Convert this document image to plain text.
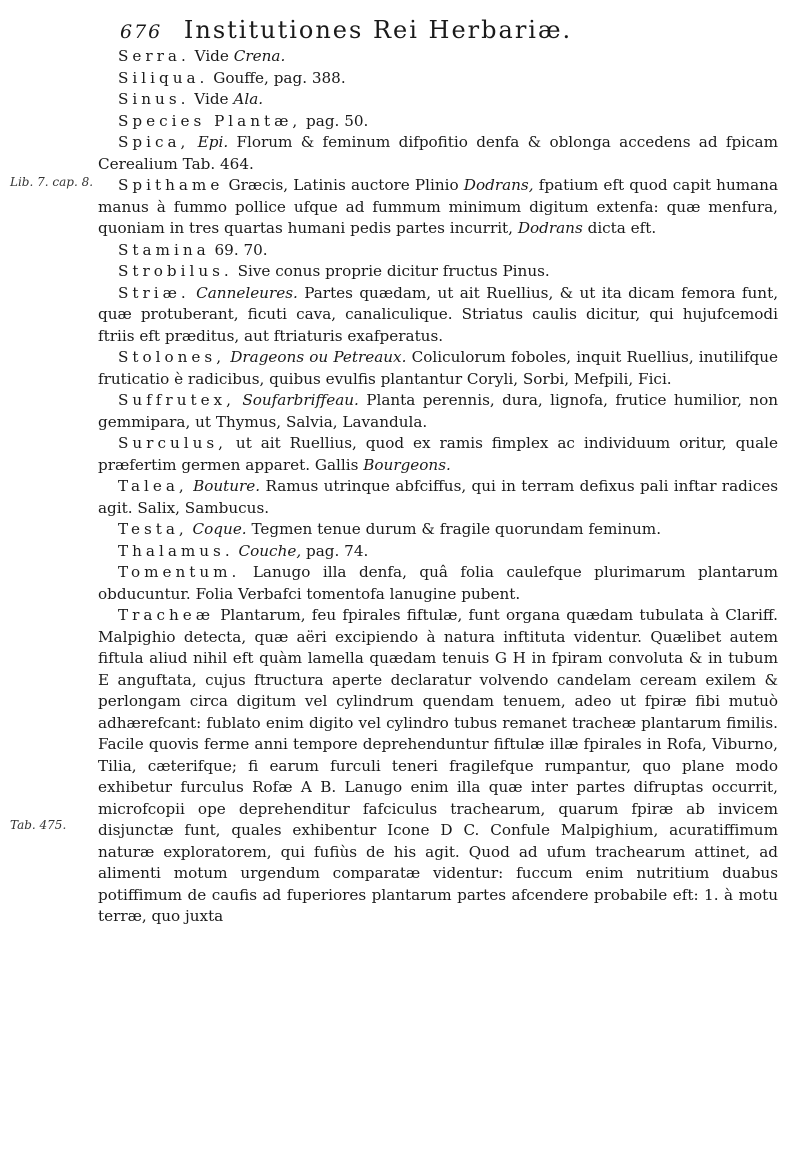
676 Institutiones Rei Herbariæ.
Lib. 7. cap. 8.
Tab. 475.

Serra. Vide Crena.

Siliqua. Gouffe, pag. 388.

Sinus. Vide Ala.

Species Plantæ, pag. 50.

Spica, Epi. Florum & feminum difpofitio denfa & oblonga accedens ad fpicam Cerealium Tab. 464.

Spithame Græcis, Latinis auctore Plinio Dodrans, fpatium eft quod capit humana manus à fummo pollice ufque ad fummum minimum digitum extenfa: quæ menfura, quoniam in tres quartas humani pedis partes incurrit, Dodrans dicta eft.

Stamina 69. 70.

Strobilus. Sive conus proprie dicitur fructus Pinus.

Striæ. Canneleures. Partes quædam, ut ait Ruellius, & ut ita dicam femora funt, quæ protuberant, ficuti cava, canaliculique. Striatus caulis dicitur, qui hujufcemodi ftriis eft præditus, aut ftriaturis exafperatus.

Stolones, Drageons ou Petreaux. Coliculorum foboles, inquit Ruellius, inutilifque fruticatio è radicibus, quibus evulfis plantantur Coryli, Sorbi, Mefpili, Fici.

Suffrutex, Soufarbriffeau. Planta perennis, dura, lignofa, frutice humilior, non gemmipara, ut Thymus, Salvia, Lavandula.

Surculus, ut ait Ruellius, quod ex ramis fimplex ac individuum oritur, quale præfertim germen apparet. Gallis Bourgeons.

Talea, Bouture. Ramus utrinque abfciffus, qui in terram defixus pali inftar radices agit. Salix, Sambucus.

Testa, Coque. Tegmen tenue durum & fragile quorundam feminum.

Thalamus. Couche, pag. 74.

Tomentum. Lanugo illa denfa, quâ folia caulefque plurimarum plantarum obducuntur. Folia Verbafci tomentofa lanugine pubent.

Tracheæ Plantarum, feu fpirales fiftulæ, funt organa quædam tubulata à Clariff. Malpighio detecta, quæ aëri excipiendo à natura inftituta videntur. Quælibet autem fiftula aliud nihil eft quàm lamella quædam tenuis G H in fpiram convoluta & in tubum E anguftata, cujus ftructura aperte declaratur volvendo candelam ceream exilem & perlongam circa digitum vel cylindrum quendam tenuem, adeo ut fpiræ fibi mutuò adhærefcant: fublato enim digito vel cylindro tubus remanet tracheæ plantarum fimilis. Facile quovis ferme anni tempore deprehenduntur fiftulæ illæ fpirales in Rofa, Viburno, Tilia, cæterifque; fi earum furculi teneri fragilefque rumpantur, quo plane modo exhibetur furculus Rofæ A B. Lanugo enim illa quæ inter partes difruptas occurrit, microfcopii ope deprehenditur fafciculus trachearum, quarum fpiræ ab invicem disjunctæ funt, quales exhibentur Icone D C. Confule Malpighium, acuratiffimum naturæ exploratorem, qui fufiùs de his agit. Quod ad ufum trachearum attinet, ad alimenti motum urgendum comparatæ videntur: fuccum enim nutritium duabus potiffimum de caufis ad fuperiores plantarum partes afcendere probabile eft: 1. à motu terræ, quo juxta
